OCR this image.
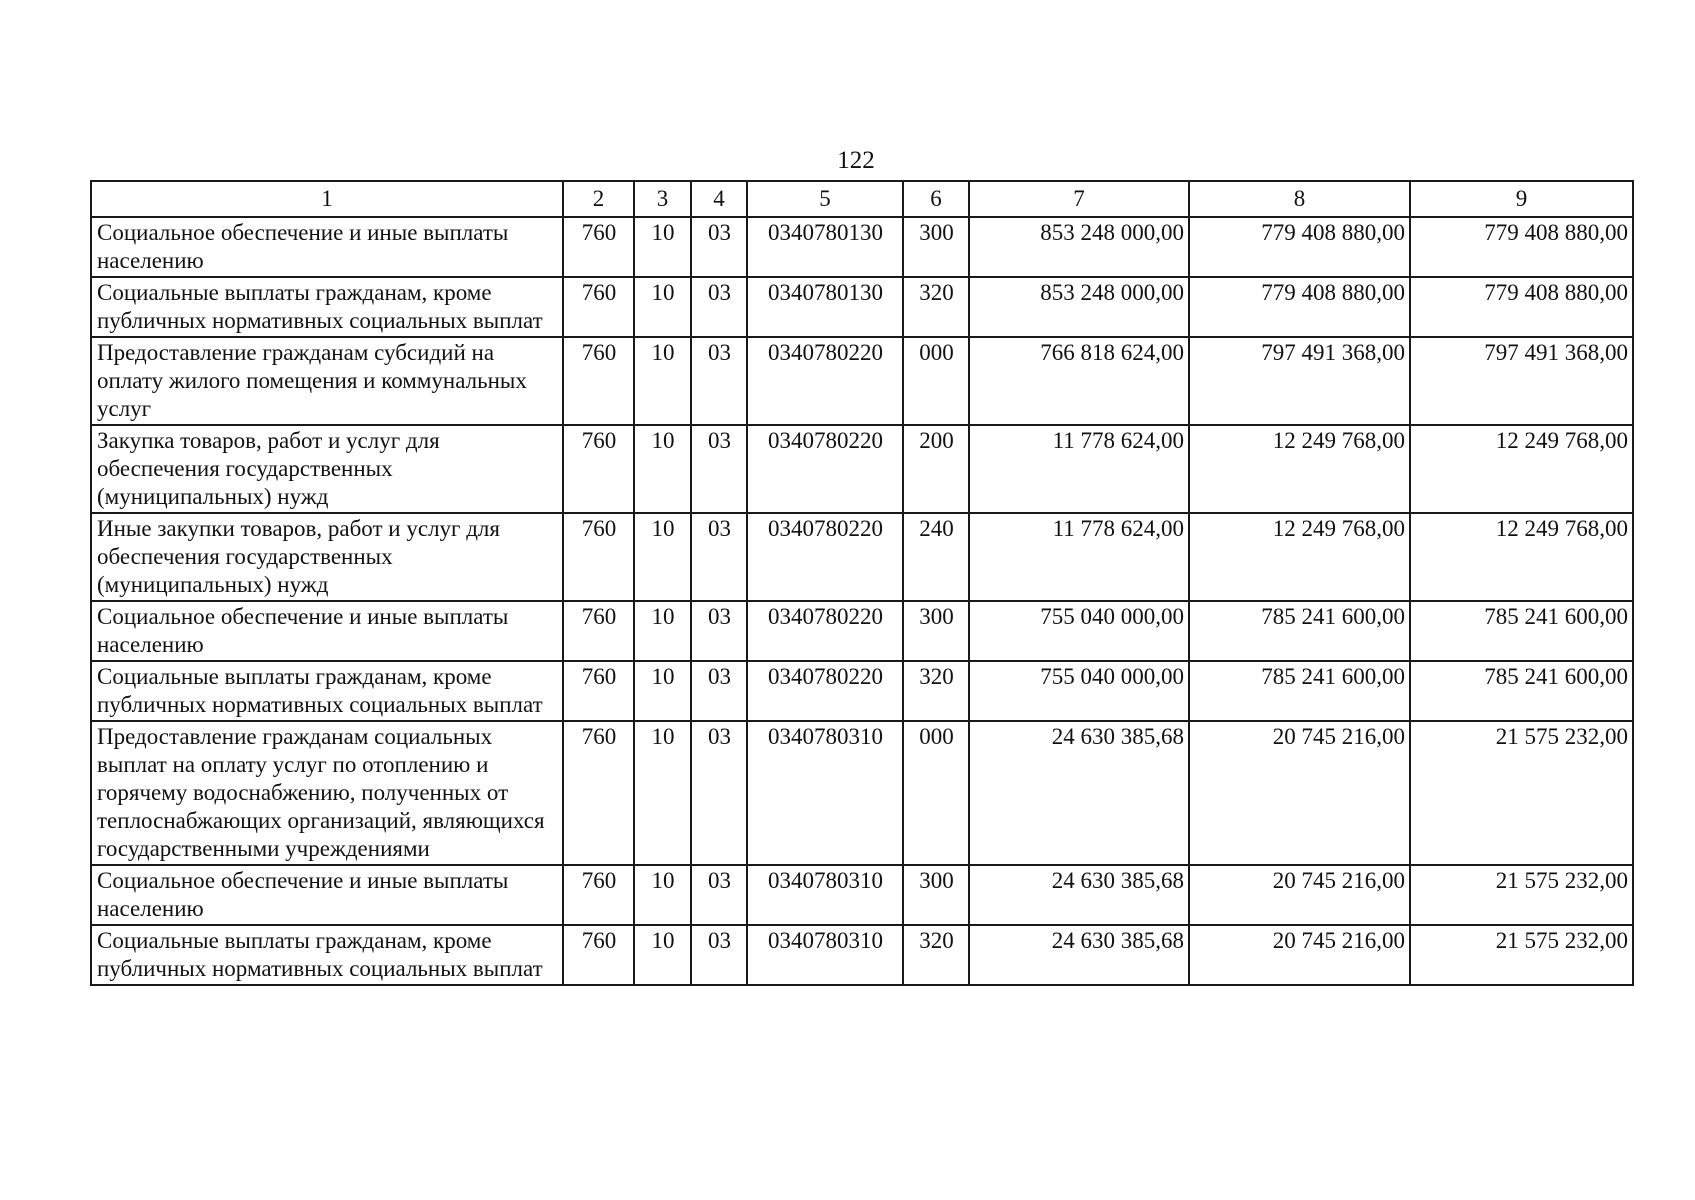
122
1	2	3	4	5	6	7	8	9
Социальное обеспечение и иные выплаты населению	760	10	03	0340780130	300	853 248 000,00	779 408 880,00	779 408 880,00
Социальные выплаты гражданам, кроме публичных нормативных социальных выплат	760	10	03	0340780130	320	853 248 000,00	779 408 880,00	779 408 880,00
Предоставление гражданам субсидий на оплату жилого помещения и коммунальных услуг	760	10	03	0340780220	000	766 818 624,00	797 491 368,00	797 491 368,00
Закупка товаров, работ и услуг для обеспечения государственных (муниципальных) нужд	760	10	03	0340780220	200	11 778 624,00	12 249 768,00	12 249 768,00
Иные закупки товаров, работ и услуг для обеспечения государственных (муниципальных) нужд	760	10	03	0340780220	240	11 778 624,00	12 249 768,00	12 249 768,00
Социальное обеспечение и иные выплаты населению	760	10	03	0340780220	300	755 040 000,00	785 241 600,00	785 241 600,00
Социальные выплаты гражданам, кроме публичных нормативных социальных выплат	760	10	03	0340780220	320	755 040 000,00	785 241 600,00	785 241 600,00
Предоставление гражданам социальных выплат на оплату услуг по отоплению и горячему водоснабжению, полученных от теплоснабжающих организаций, являющихся государственными учреждениями	760	10	03	0340780310	000	24 630 385,68	20 745 216,00	21 575 232,00
Социальное обеспечение и иные выплаты населению	760	10	03	0340780310	300	24 630 385,68	20 745 216,00	21 575 232,00
Социальные выплаты гражданам, кроме публичных нормативных социальных выплат	760	10	03	0340780310	320	24 630 385,68	20 745 216,00	21 575 232,00
